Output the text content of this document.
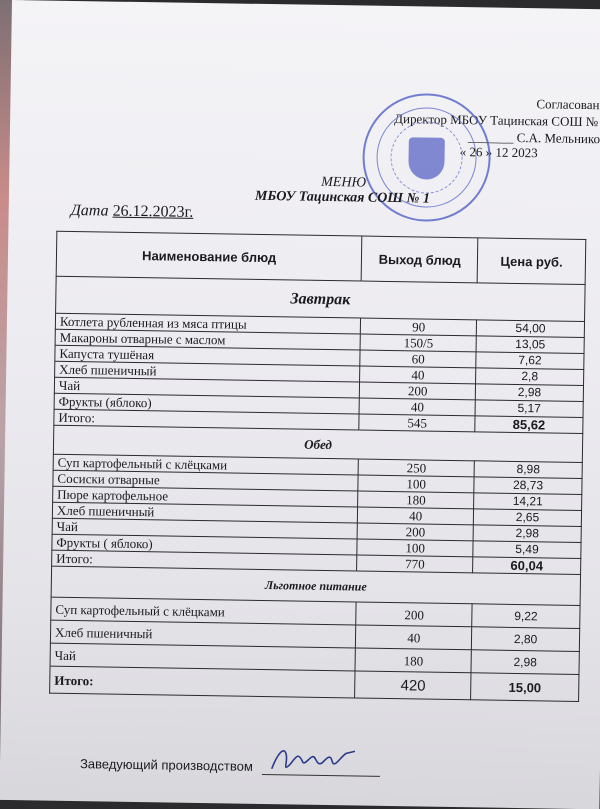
Согласован
Директор МБОУ Тацинская СОШ №
_______ С.А. Мельнико
« 26 » 12 2023
МЕНЮ
МБОУ Тацинская СОШ № 1
Дата 26.12.2023г.
Наименование блюд	Выход блюд	Цена руб.
Завтрак		
Котлета рубленная из мяса птицы	90	54,00
Макароны отварные с маслом	150/5	13,05
Капуста тушёная	60	7,62
Хлеб пшеничный	40	2,8
Чай	200	2,98
Фрукты (яблоко)	40	5,17
Итого:	545	85,62
Обед		
Суп картофельный с клёцками	250	8,98
Сосиски отварные	100	28,73
Пюре картофельное	180	14,21
Хлеб пшеничный	40	2,65
Чай	200	2,98
Фрукты ( яблоко)	100	5,49
Итого:	770	60,04
Льготное питание		
Суп картофельный с клёцками	200	9,22
Хлеб пшеничный	40	2,80
Чай	180	2,98
Итого:	420	15,00
Заведующий производством
